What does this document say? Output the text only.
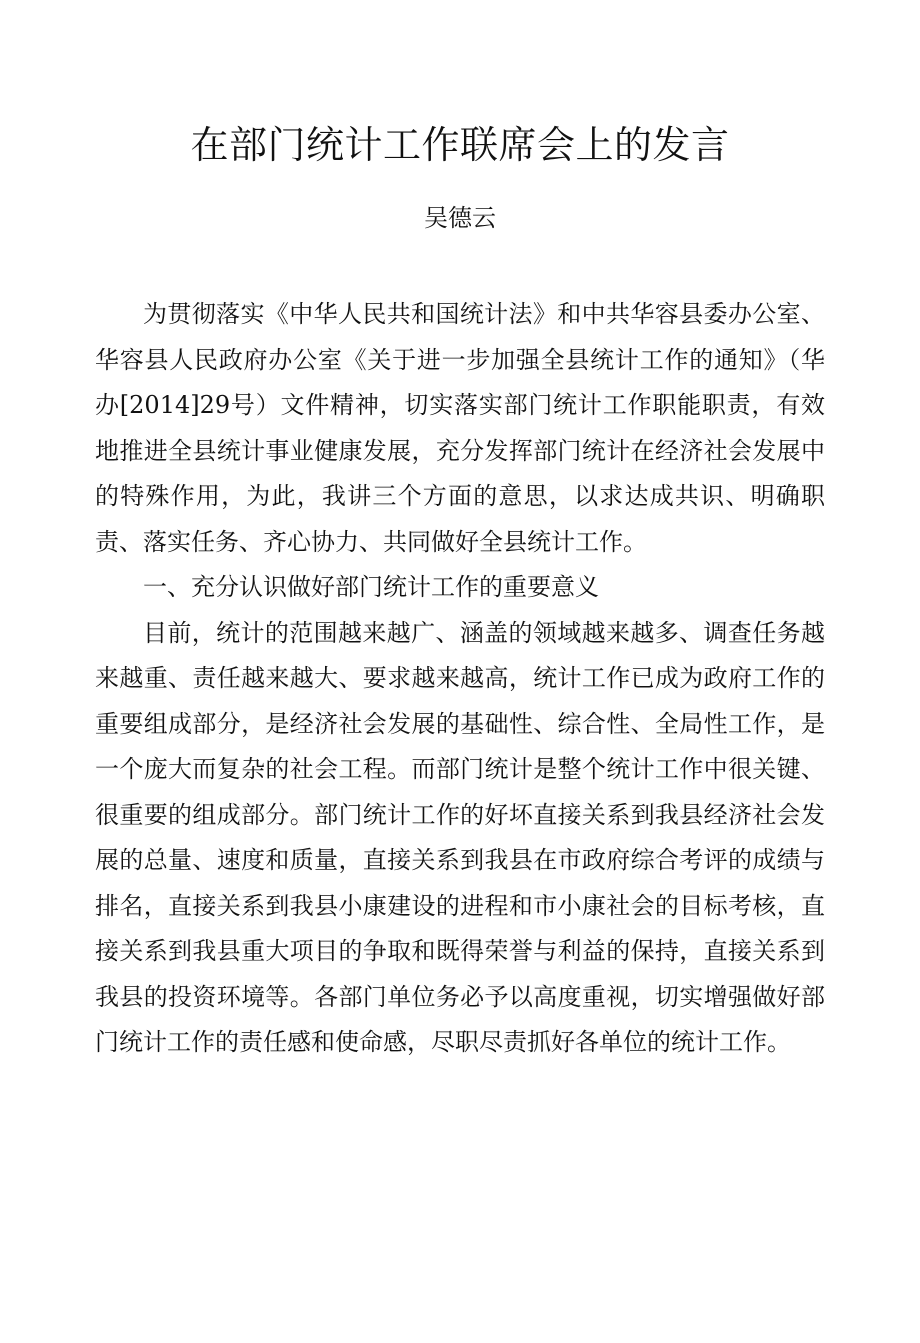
在部门统计工作联席会上的发言
吴德云

为贯彻落实《中华人民共和国统计法》和中共华容县委办公室、华容县人民政府办公室《关于进一步加强全县统计工作的通知》（华办[2014]29号）文件精神，切实落实部门统计工作职能职责，有效地推进全县统计事业健康发展，充分发挥部门统计在经济社会发展中的特殊作用，为此，我讲三个方面的意思，以求达成共识、明确职责、落实任务、齐心协力、共同做好全县统计工作。

一、充分认识做好部门统计工作的重要意义

目前，统计的范围越来越广、涵盖的领域越来越多、调查任务越来越重、责任越来越大、要求越来越高，统计工作已成为政府工作的重要组成部分，是经济社会发展的基础性、综合性、全局性工作，是一个庞大而复杂的社会工程。而部门统计是整个统计工作中很关键、很重要的组成部分。部门统计工作的好坏直接关系到我县经济社会发展的总量、速度和质量，直接关系到我县在市政府综合考评的成绩与排名，直接关系到我县小康建设的进程和市小康社会的目标考核，直接关系到我县重大项目的争取和既得荣誉与利益的保持，直接关系到我县的投资环境等。各部门单位务必予以高度重视，切实增强做好部门统计工作的责任感和使命感，尽职尽责抓好各单位的统计工作。
